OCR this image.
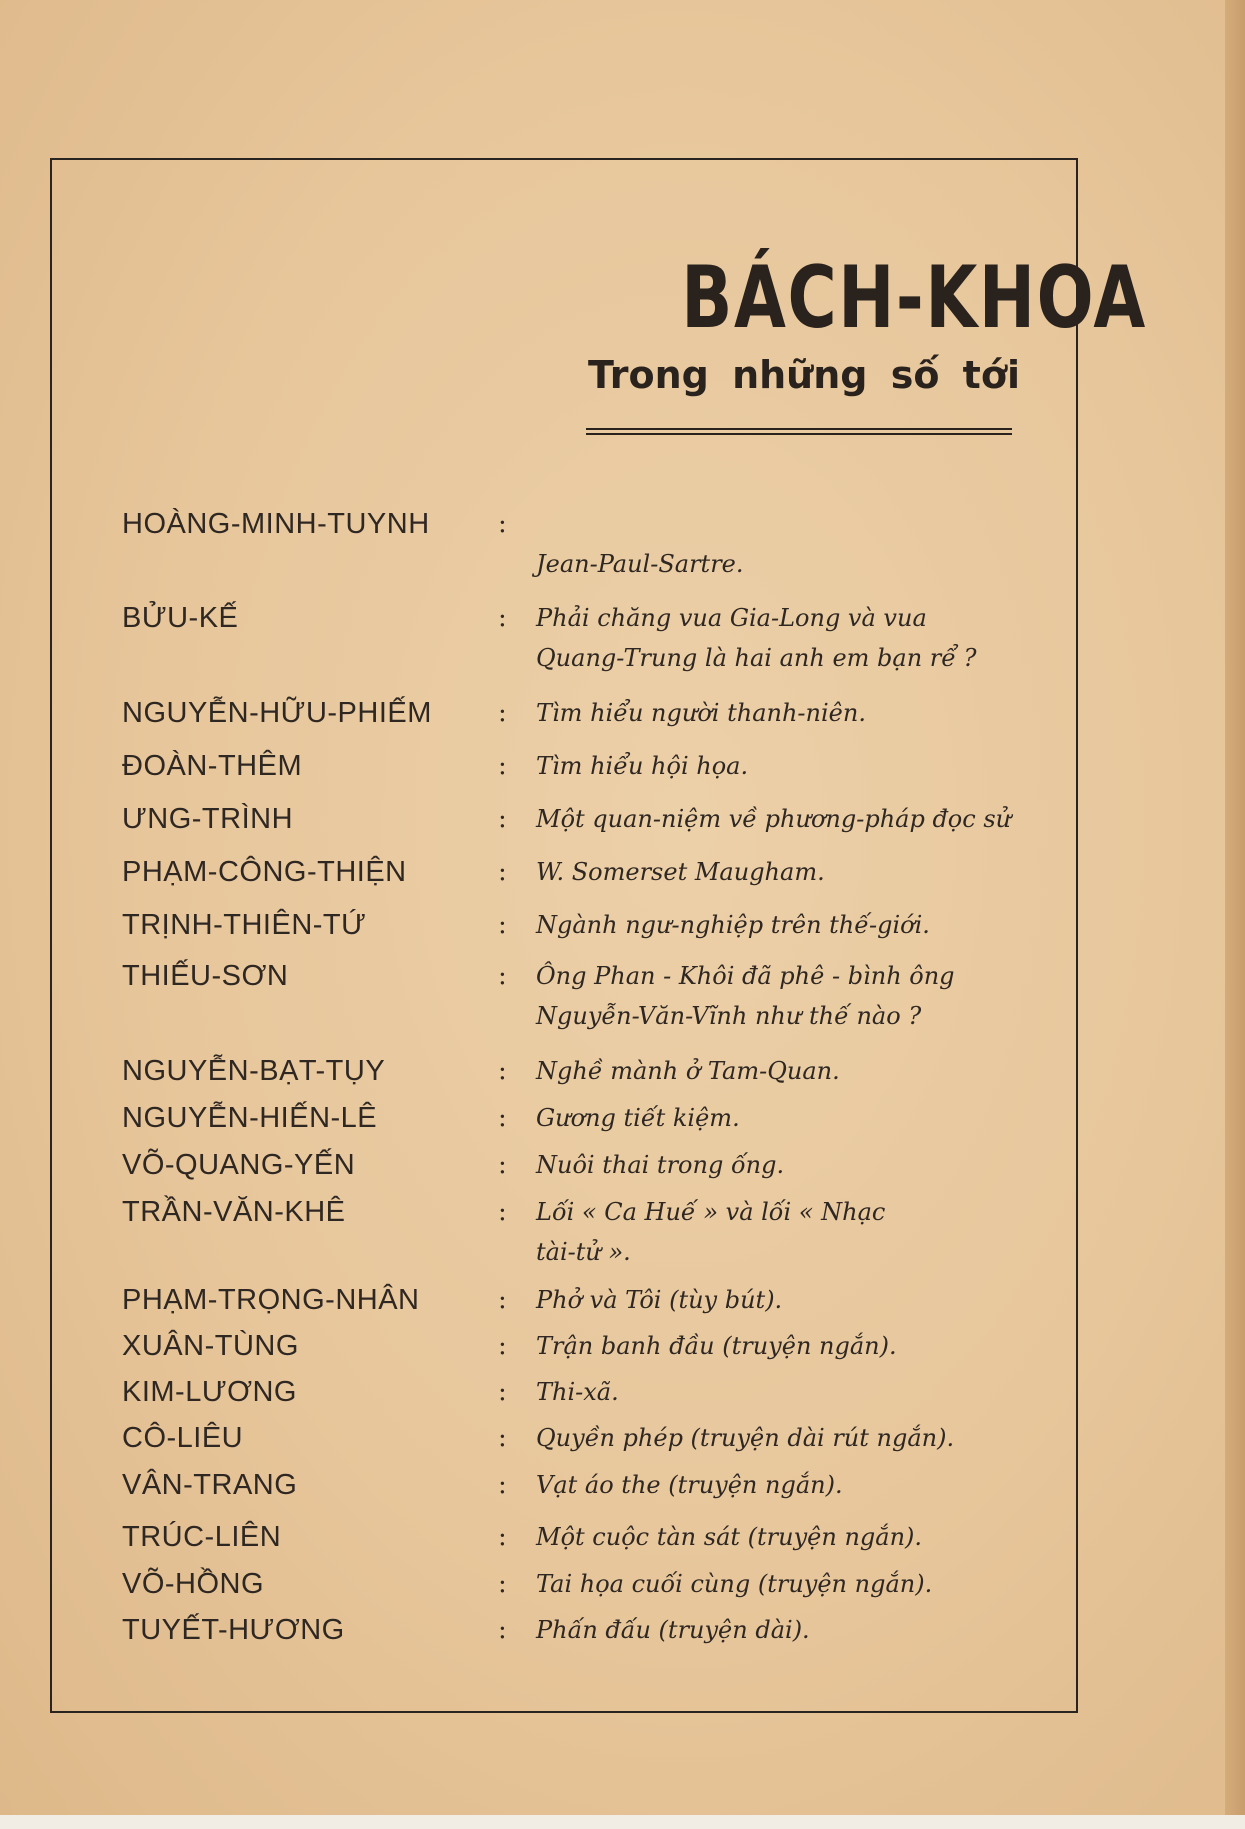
BÁCH-KHOA
Trong những số tới
HOÀNG-MINH-TUYNH	:
Jean-Paul-Sartre.
BỬU-KẾ	: Phải chăng vua Gia-Long và vua
Quang-Trung là hai anh em bạn rể ?
NGUYỄN-HỮU-PHIẾM	: Tìm hiểu người thanh-niên.
ĐOÀN-THÊM	: Tìm hiểu hội họa.
ƯNG-TRÌNH	: Một quan-niệm về phương-pháp đọc sử
PHẠM-CÔNG-THIỆN	: W. Somerset Maugham.
TRỊNH-THIÊN-TỨ	: Ngành ngư-nghiệp trên thế-giới.
THIẾU-SƠN	: Ông Phan - Khôi đã phê - bình ông
Nguyễn-Văn-Vĩnh như thế nào ?
NGUYỄN-BẠT-TỤY	: Nghề mành ở Tam-Quan.
NGUYỄN-HIẾN-LÊ	: Gương tiết kiệm.
VÕ-QUANG-YẾN	: Nuôi thai trong ống.
TRẦN-VĂN-KHÊ	: Lối « Ca Huế » và lối « Nhạc
tài-tử ».
PHẠM-TRỌNG-NHÂN	: Phở và Tôi (tùy bút).
XUÂN-TÙNG	: Trận banh đầu (truyện ngắn).
KIM-LƯƠNG	: Thi-xã.
CÔ-LIÊU	: Quyền phép (truyện dài rút ngắn).
VÂN-TRANG	: Vạt áo the (truyện ngắn).
TRÚC-LIÊN	: Một cuộc tàn sát (truyện ngắn).
VÕ-HỒNG	: Tai họa cuối cùng (truyện ngắn).
TUYẾT-HƯƠNG	: Phấn đấu (truyện dài).
